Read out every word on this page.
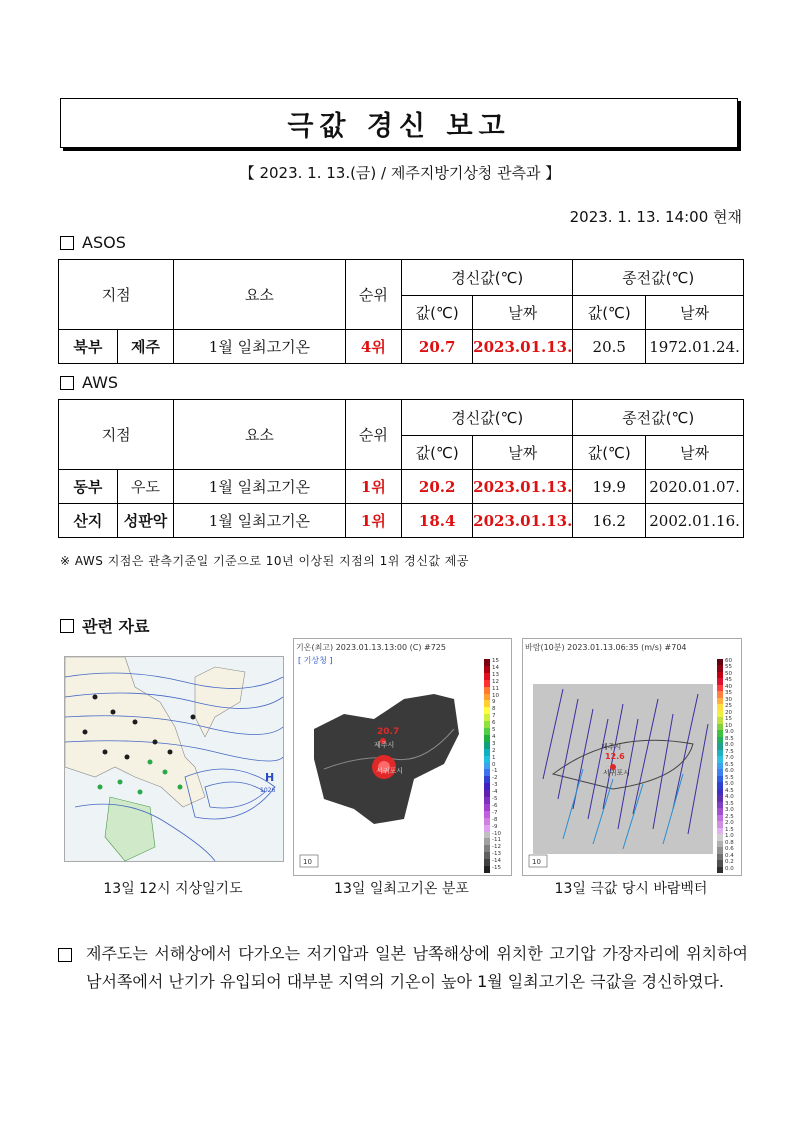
극값 경신 보고
【 2023. 1. 13.(금) / 제주지방기상청 관측과 】
2023. 1. 13. 14:00 현재
ASOS
지점		요소	순위	경신값(℃)		종전값(℃)	
				값(℃)	날짜	값(℃)	날짜
북부	제주	1월 일최고기온	4위	20.7	2023.01.13.	20.5	1972.01.24.
AWS
지점		요소	순위	경신값(℃)		종전값(℃)	
				값(℃)	날짜	값(℃)	날짜
동부	우도	1월 일최고기온	1위	20.2	2023.01.13.	19.9	2020.01.07.
산지	성판악	1월 일최고기온	1위	18.4	2023.01.13.	16.2	2002.01.16.
※ AWS 지점은 관측기준일 기준으로 10년 이상된 지점의 1위 경신값 제공
관련 자료
H
1026
13일 12시 지상일기도
기온(최고) 2023.01.13.13:00 (C) #725
[ 기상청 ]
20.7
제주시
서귀포시
10
15
14
13
12
11
10
9
8
7
6
5
4
3
2
1
0
-1
-2
-3
-4
-5
-6
-7
-8
-9
-10
-11
-12
-13
-14
-15
13일 일최고기온 분포
바람(10분) 2023.01.13.06:35 (m/s) #704
12.6
제주시
서귀포시
10
60
55
50
45
40
35
30
25
20
15
10
9.0
8.5
8.0
7.5
7.0
6.5
6.0
5.5
5.0
4.5
4.0
3.5
3.0
2.5
2.0
1.5
1.0
0.8
0.6
0.4
0.2
0.0
13일 극값 당시 바람벡터

제주도는 서해상에서 다가오는 저기압과 일본 남쪽해상에 위치한 고기압 가장자리에 위치하여 남서쪽에서 난기가 유입되어 대부분 지역의 기온이 높아 1월 일최고기온 극값을 경신하였다.
